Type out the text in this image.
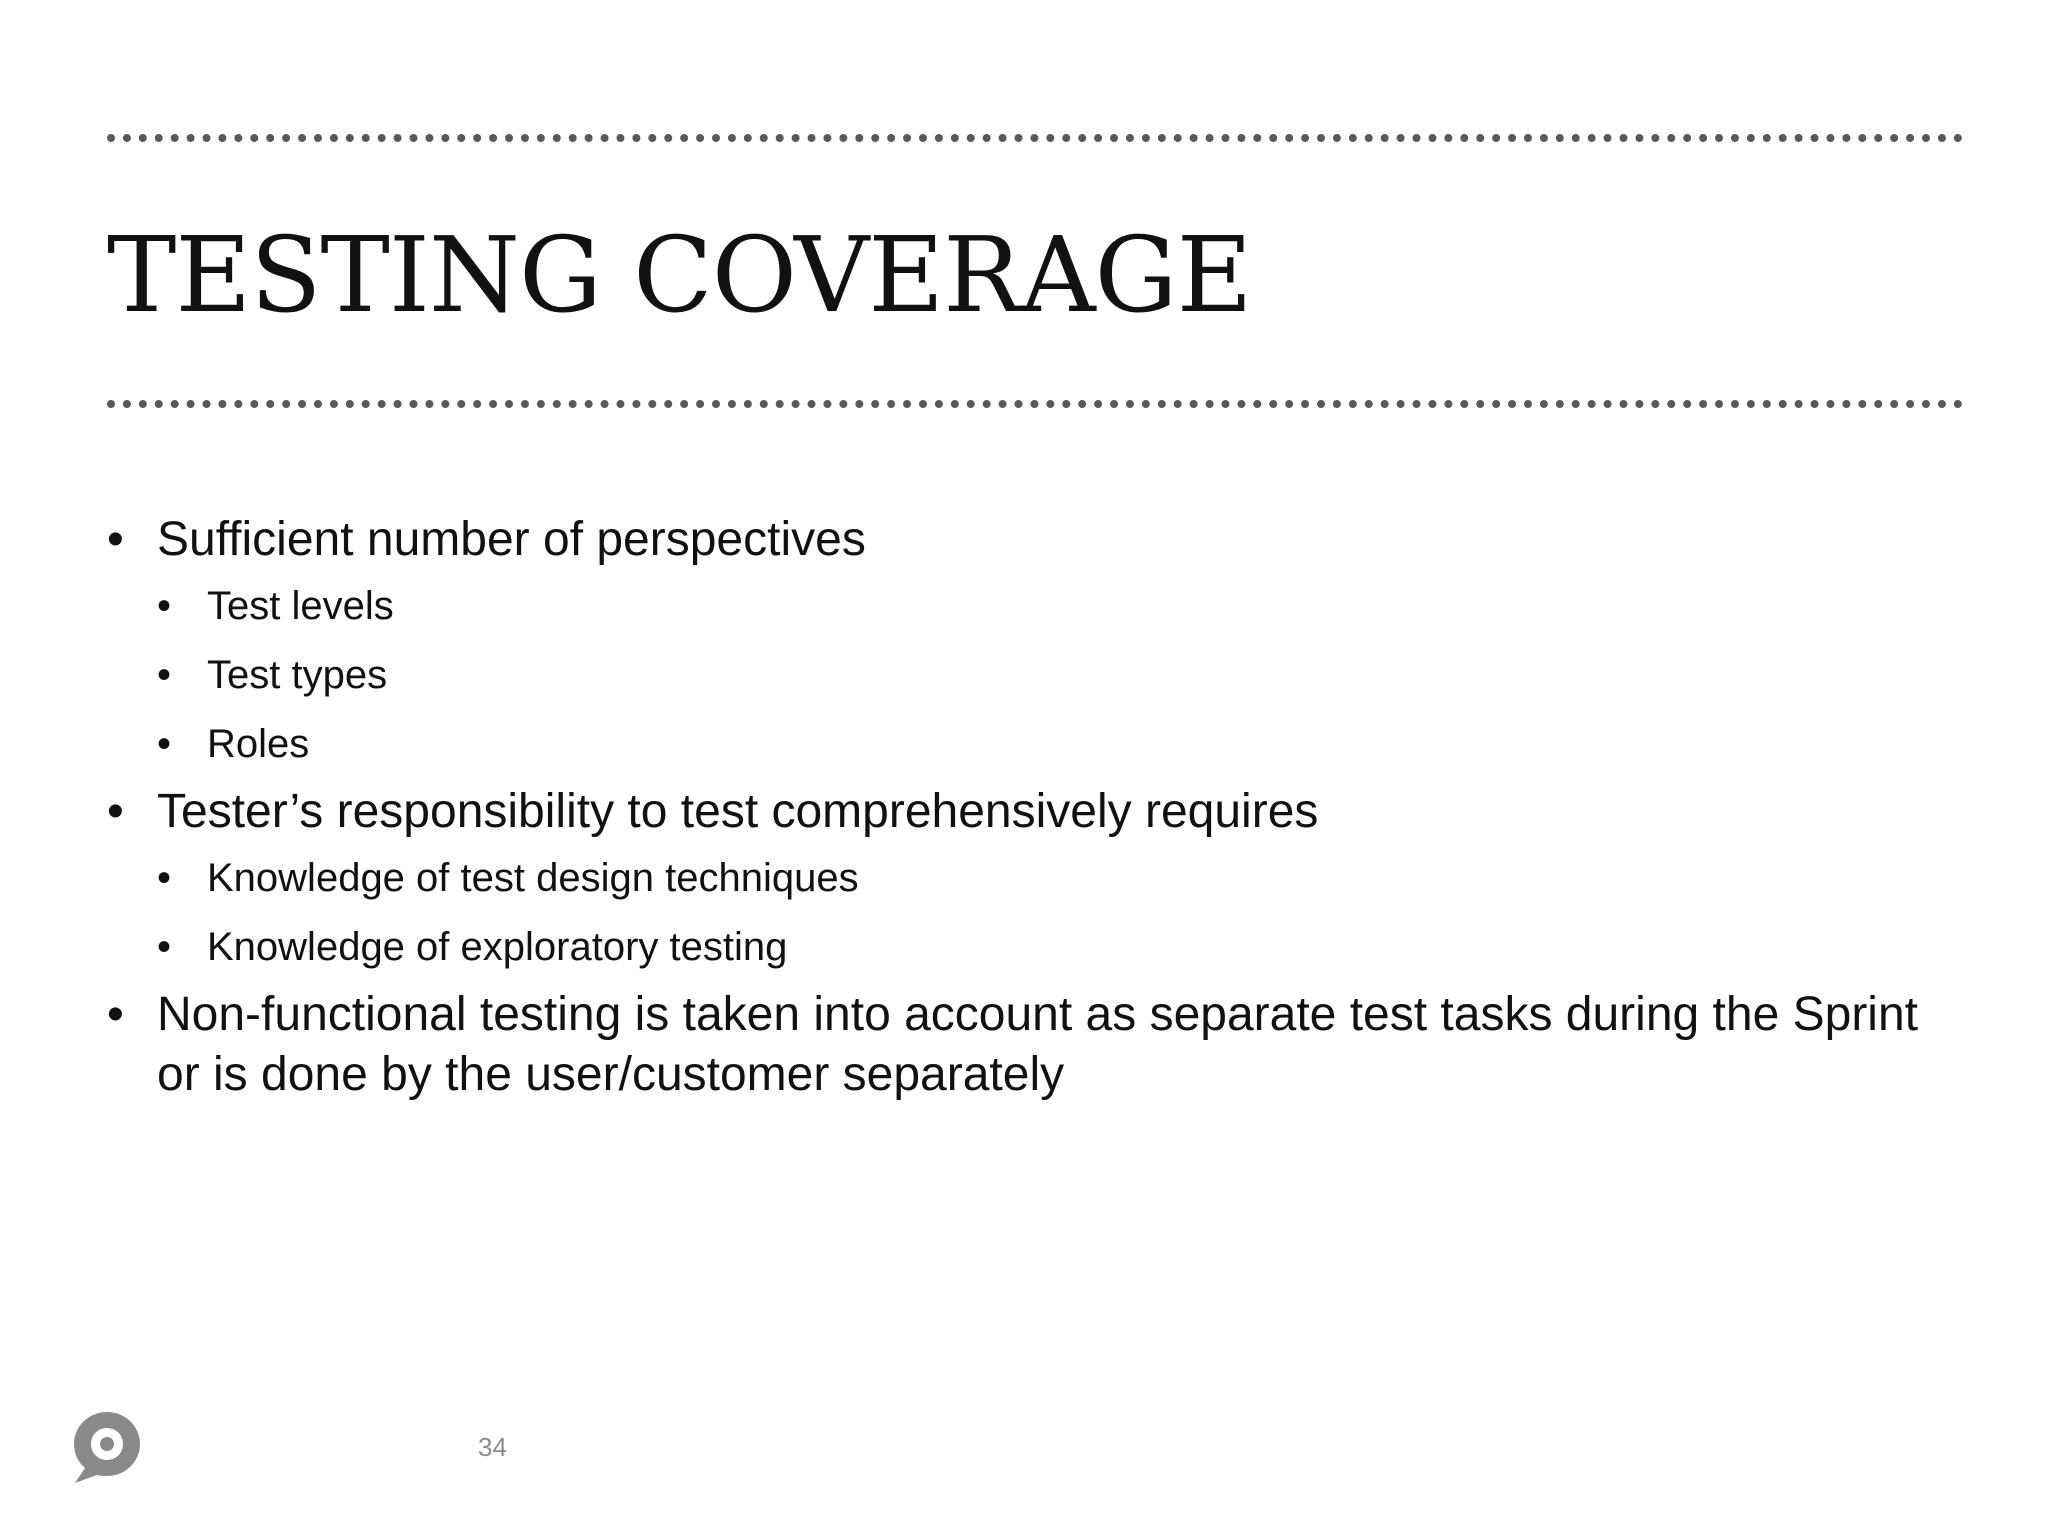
TESTING COVERAGE
• Sufficient number of perspectives
• Test levels
• Test types
• Roles
• Tester’s responsibility to test comprehensively requires
• Knowledge of test design techniques
• Knowledge of exploratory testing
• Non-functional testing is taken into account as separate test tasks during the Sprint or is done by the user/customer separately
34
